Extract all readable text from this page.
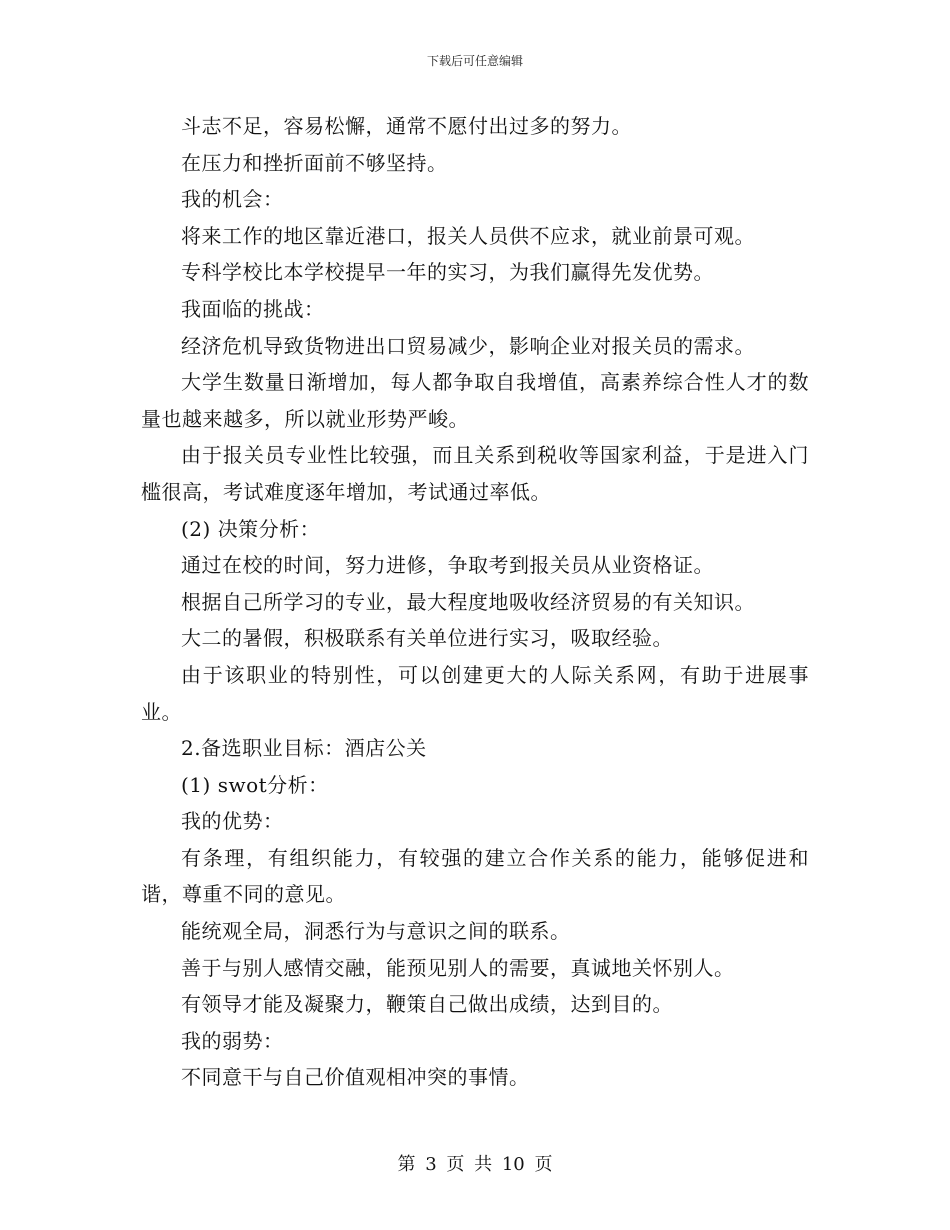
下载后可任意编辑

斗志不足，容易松懈，通常不愿付出过多的努力。

在压力和挫折面前不够坚持。

我的机会：

将来工作的地区靠近港口，报关人员供不应求，就业前景可观。

专科学校比本学校提早一年的实习，为我们赢得先发优势。

我面临的挑战：

经济危机导致货物进出口贸易减少，影响企业对报关员的需求。

大学生数量日渐增加，每人都争取自我增值，高素养综合性人才的数量也越来越多，所以就业形势严峻。

由于报关员专业性比较强，而且关系到税收等国家利益，于是进入门槛很高，考试难度逐年增加，考试通过率低。

(2) 决策分析：

通过在校的时间，努力进修，争取考到报关员从业资格证。

根据自己所学习的专业，最大程度地吸收经济贸易的有关知识。

大二的暑假，积极联系有关单位进行实习，吸取经验。

由于该职业的特别性，可以创建更大的人际关系网，有助于进展事业。

2.备选职业目标：酒店公关

(1) swot分析：

我的优势：

有条理，有组织能力，有较强的建立合作关系的能力，能够促进和谐，尊重不同的意见。

能统观全局，洞悉行为与意识之间的联系。

善于与别人感情交融，能预见别人的需要，真诚地关怀别人。

有领导才能及凝聚力，鞭策自己做出成绩，达到目的。

我的弱势：

不同意干与自己价值观相冲突的事情。

第 3 页 共 10 页
